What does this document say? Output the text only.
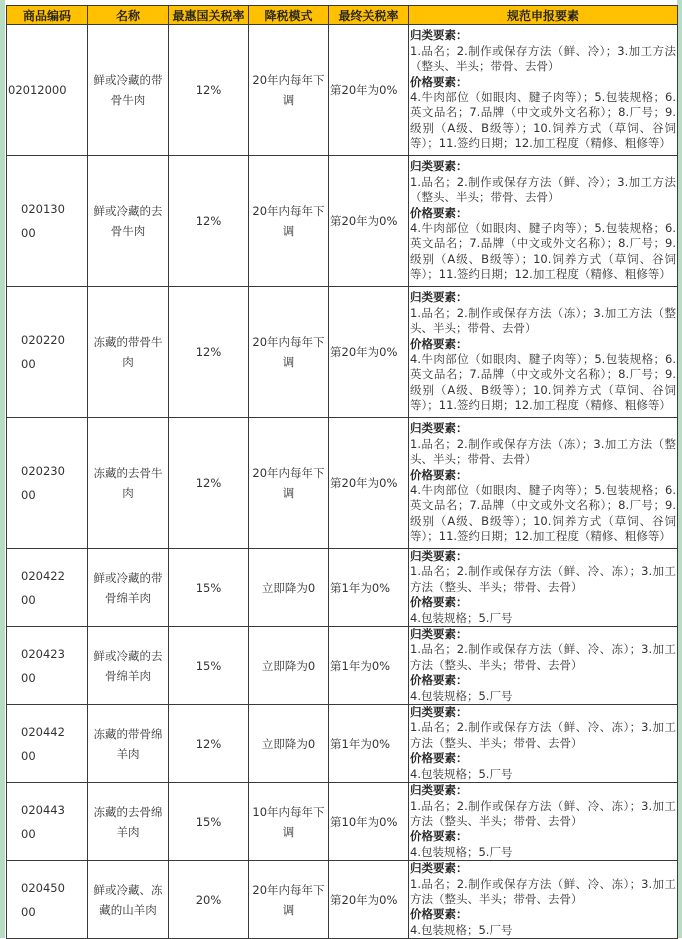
商品编码	名称	最惠国关税率	降税模式	最终关税率	规范申报要素
02012000	鲜或冷藏的带骨牛肉	12%	20年内每年下调	第20年为0%	归类要素：
1.品名；2.制作或保存方法（鲜、冷）；3.加工方法（整头、半头；带骨、去骨）
价格要素：
4.牛肉部位（如眼肉、腱子肉等）；5.包装规格；6.英文品名；7.品牌（中文或外文名称）；8.厂号；9.级别（A级、B级等）；10.饲养方式（草饲、谷饲等）；11.签约日期；12.加工程度（精修、粗修等）

020130
00	鲜或冷藏的去骨牛肉	12%	20年内每年下调	第20年为0%	归类要素：
1.品名；2.制作或保存方法（鲜、冷）；3.加工方法（整头、半头；带骨、去骨）
价格要素：
4.牛肉部位（如眼肉、腱子肉等）；5.包装规格；6.英文品名；7.品牌（中文或外文名称）；8.厂号；9.级别（A级、B级等）；10.饲养方式（草饲、谷饲等）；11.签约日期；12.加工程度（精修、粗修等）

020220
00	冻藏的带骨牛肉	12%	20年内每年下调	第20年为0%	归类要素：
1.品名；2.制作或保存方法（冻）；3.加工方法（整头、半头；带骨、去骨）
价格要素：
4.牛肉部位（如眼肉、腱子肉等）；5.包装规格；6.英文品名；7.品牌（中文或外文名称）；8.厂号；9.级别（A级、B级等）；10.饲养方式（草饲、谷饲等）；11.签约日期；12.加工程度（精修、粗修等）

020230
00	冻藏的去骨牛肉	12%	20年内每年下调	第20年为0%	归类要素：
1.品名；2.制作或保存方法（冻）；3.加工方法（整头、半头；带骨、去骨）
价格要素：
4.牛肉部位（如眼肉、腱子肉等）；5.包装规格；6.英文品名；7.品牌（中文或外文名称）；8.厂号；9.级别（A级、B级等）；10.饲养方式（草饲、谷饲等）；11.签约日期；12.加工程度（精修、粗修等）

020422
00	鲜或冷藏的带骨绵羊肉	15%	立即降为0	第1年为0%	归类要素：
1.品名；2.制作或保存方法（鲜、冷、冻）；3.加工方法（整头、半头；带骨、去骨）
价格要素：
4.包装规格；5.厂号

020423
00	鲜或冷藏的去骨绵羊肉	15%	立即降为0	第1年为0%	归类要素：
1.品名；2.制作或保存方法（鲜、冷、冻）；3.加工方法（整头、半头；带骨、去骨）
价格要素：
4.包装规格；5.厂号

020442
00	冻藏的带骨绵羊肉	12%	立即降为0	第1年为0%	归类要素：
1.品名；2.制作或保存方法（鲜、冷、冻）；3.加工方法（整头、半头；带骨、去骨）
价格要素：
4.包装规格；5.厂号

020443
00	冻藏的去骨绵羊肉	15%	10年内每年下调	第10年为0%	归类要素：
1.品名；2.制作或保存方法（鲜、冷、冻）；3.加工方法（整头、半头；带骨、去骨）
价格要素：
4.包装规格；5.厂号

020450
00	鲜或冷藏、冻藏的山羊肉	20%	20年内每年下调	第20年为0%	归类要素：
1.品名；2.制作或保存方法（鲜、冷、冻）；3.加工方法（整头、半头；带骨、去骨）
价格要素：
4.包装规格；5.厂号
